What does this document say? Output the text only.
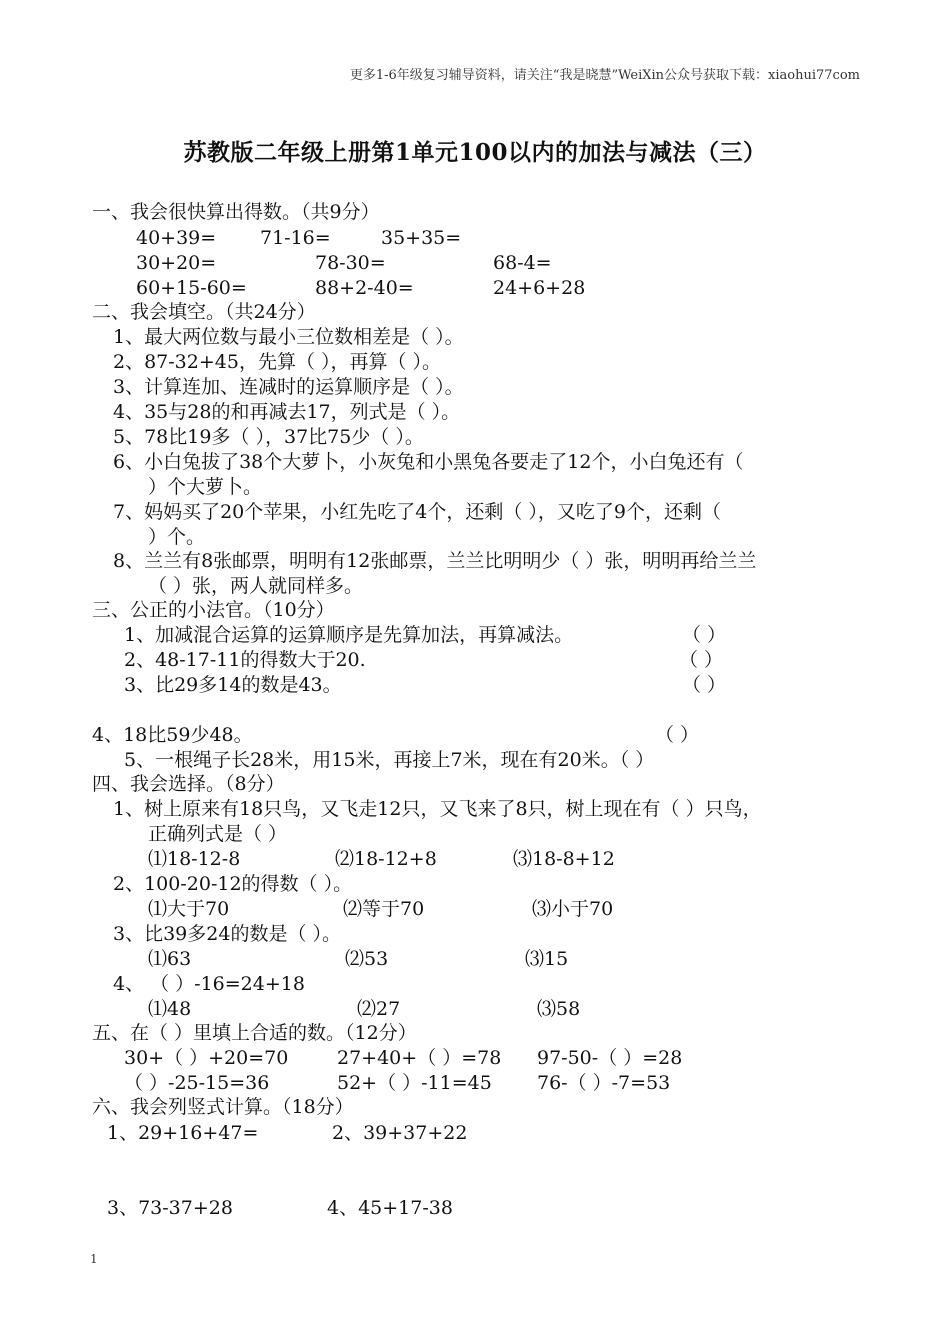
更多1-6年级复习辅导资料，请关注“我是晓慧”WeiXin公众号获取下载：xiaohui77com
苏教版二年级上册第1单元100以内的加法与减法（三）
一、我会很快算出得数。（共9分）
40+39= 71-16=	35+35=
30+20=	78-30=	68-4=
60+15-60=	88+2-40=	24+6+28
二、我会填空。（共24分）
1、最大两位数与最小三位数相差是（ ）。
2、87-32+45，先算（ ），再算（ ）。
3、计算连加、连减时的运算顺序是（ ）。
4、35与28的和再减去17，列式是（ ）。
5、78比19多（ ），37比75少（ ）。
6、小白兔拔了38个大萝卜，小灰兔和小黑兔各要走了12个，小白兔还有（
）个大萝卜。
7、妈妈买了20个苹果，小红先吃了4个，还剩（ ），又吃了9个，还剩（
）个。
8、兰兰有8张邮票，明明有12张邮票，兰兰比明明少（ ）张，明明再给兰兰
（ ）张，两人就同样多。
三、公正的小法官。（10分）
1、加减混合运算的运算顺序是先算加法，再算减法。	（ ）
2、48-17-11的得数大于20.	（ ）
3、比29多14的数是43。	（ ）
4、18比59少48。	（ ）
5、一根绳子长28米，用15米，再接上7米，现在有20米。（ ）
四、我会选择。（8分）
1、树上原来有18只鸟，又飞走12只，又飞来了8只，树上现在有（ ）只鸟，
正确列式是（ ）
⑴18-12-8	⑵18-12+8	⑶18-8+12
2、100-20-12的得数（ ）。
⑴大于70	⑵等于70	⑶小于70
3、比39多24的数是（ ）。
⑴63	⑵53	⑶15
4、 （ ）-16=24+18
⑴48	⑵27	⑶58
五、在（ ）里填上合适的数。（12分）
30+（ ）+20=70	27+40+（ ）=78 97-50-（ ）=28
（ ）-25-15=36	52+（ ）-11=45 76-（ ）-7=53
六、我会列竖式计算。（18分）
1、29+16+47=	2、39+37+22
3、73-37+28	4、45+17-38
1
